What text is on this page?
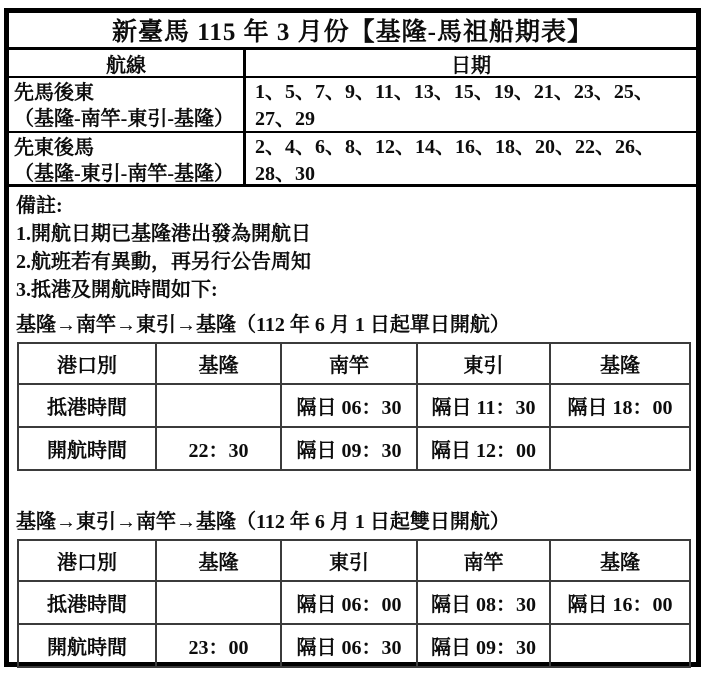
新臺馬 115 年 3 月份【基隆-馬祖船期表】
航線	日期
先馬後東
（基隆-南竿-東引-基隆）
1、5、7、9、11、13、15、19、21、23、25、27、29
先東後馬
（基隆-東引-南竿-基隆）
2、4、6、8、12、14、16、18、20、22、26、28、30
備註:
1.開航日期已基隆港出發為開航日
2.航班若有異動，再另行公告周知
3.抵港及開航時間如下:
基隆→南竿→東引→基隆（112 年 6 月 1 日起單日開航）
港口別	基隆	南竿	東引	基隆
抵港時間		隔日 06：30	隔日 11：30	隔日 18：00
開航時間	22：30	隔日 09：30	隔日 12：00	
基隆→東引→南竿→基隆（112 年 6 月 1 日起雙日開航）
港口別	基隆	東引	南竿	基隆
抵港時間		隔日 06：00	隔日 08：30	隔日 16：00
開航時間	23：00	隔日 06：30	隔日 09：30	
